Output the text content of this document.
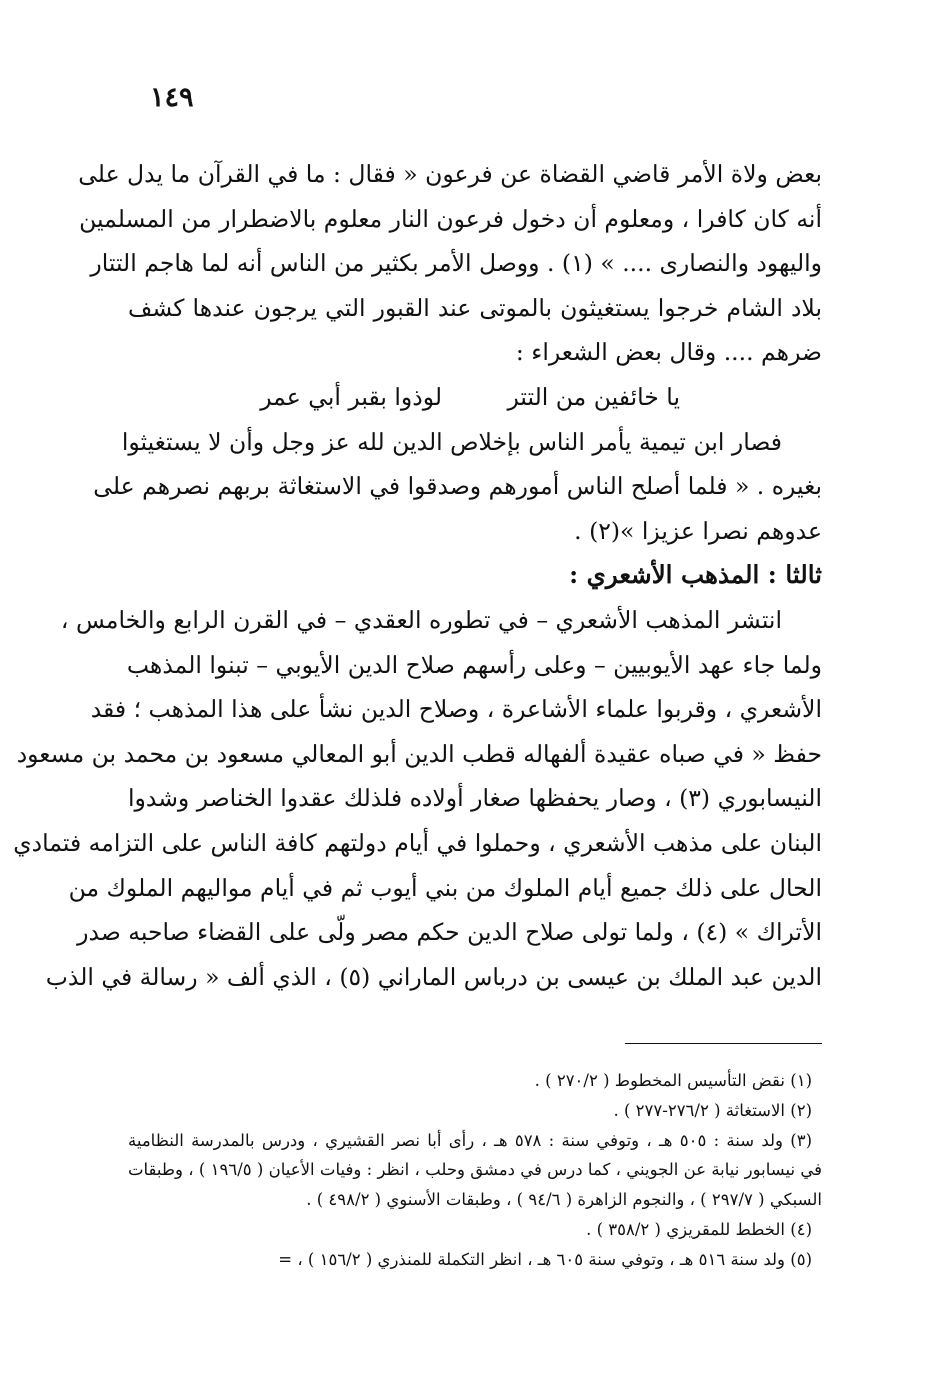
١٤٩
بعض ولاة الأمر قاضي القضاة عن فرعون « فقال : ما في القرآن ما يدل على
أنه كان كافرا ، ومعلوم أن دخول فرعون النار معلوم بالاضطرار من المسلمين
واليهود والنصارى .... » (١) . ووصل الأمر بكثير من الناس أنه لما هاجم التتار
بلاد الشام خرجوا يستغيثون بالموتى عند القبور التي يرجون عندها كشف
ضرهم .... وقال بعض الشعراء :
يا خائفين من التتر
لوذوا بقبر أبي عمر
فصار ابن تيمية يأمر الناس بإخلاص الدين لله عز وجل وأن لا يستغيثوا
بغيره . « فلما أصلح الناس أمورهم وصدقوا في الاستغاثة بربهم نصرهم على
عدوهم نصرا عزيزا »(٢) .
ثالثا : المذهب الأشعري :
انتشر المذهب الأشعري – في تطوره العقدي – في القرن الرابع والخامس ،
ولما جاء عهد الأيوبيين – وعلى رأسهم صلاح الدين الأيوبي – تبنوا المذهب
الأشعري ، وقربوا علماء الأشاعرة ، وصلاح الدين نشأ على هذا المذهب ؛ فقد
حفظ « في صباه عقيدة ألفهاله قطب الدين أبو المعالي مسعود بن محمد بن مسعود
النيسابوري (٣) ، وصار يحفظها صغار أولاده فلذلك عقدوا الخناصر وشدوا
البنان على مذهب الأشعري ، وحملوا في أيام دولتهم كافة الناس على التزامه فتمادي
الحال على ذلك جميع أيام الملوك من بني أيوب ثم في أيام مواليهم الملوك من
الأتراك » (٤) ، ولما تولى صلاح الدين حكم مصر ولّى على القضاء صاحبه صدر
الدين عبد الملك بن عيسى بن درباس الماراني (٥) ، الذي ألف « رسالة في الذب
(١) نقض التأسيس المخطوط ( ٢٧٠/٢ ) .
(٢) الاستغاثة ( ٢٧٦/٢-٢٧٧ ) .
(٣) ولد سنة : ٥٠٥ هـ ، وتوفي سنة : ٥٧٨ هـ ، رأى أبا نصر القشيري ، ودرس بالمدرسة النظامية
في نيسابور نيابة عن الجويني ، كما درس في دمشق وحلب ، انظر : وفيات الأعيان ( ١٩٦/٥ ) ، وطبقات
السبكي ( ٢٩٧/٧ ) ، والنجوم الزاهرة ( ٩٤/٦ ) ، وطبقات الأسنوي ( ٤٩٨/٢ ) .
(٤) الخطط للمقريزي ( ٣٥٨/٢ ) .
(٥) ولد سنة ٥١٦ هـ ، وتوفي سنة ٦٠٥ هـ ، انظر التكملة للمنذري ( ١٥٦/٢ ) ، =
